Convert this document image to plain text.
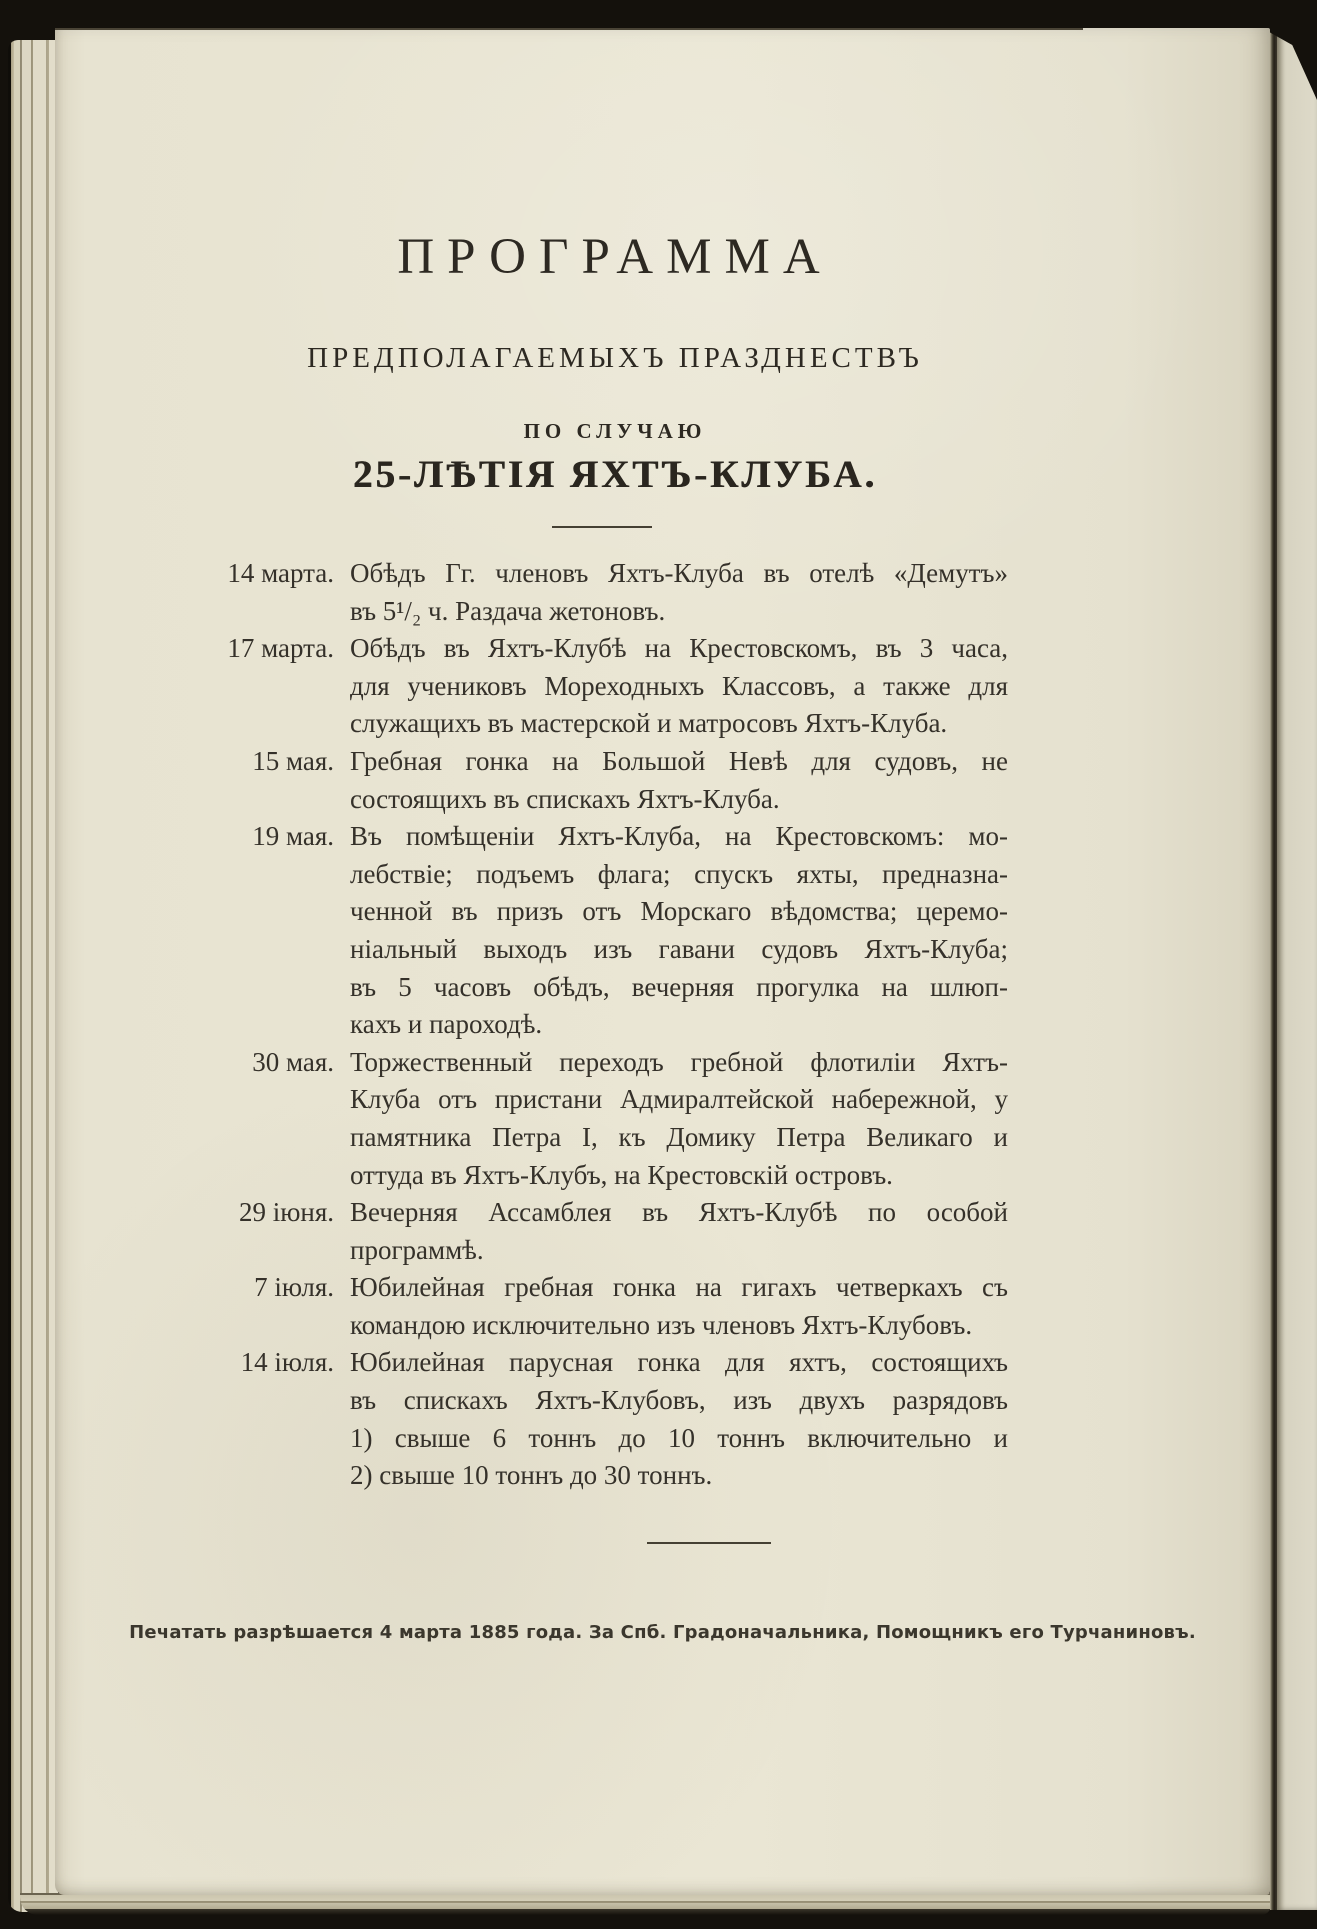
ПРОГРАММА
ПРЕДПОЛАГАЕМЫХЪ ПРАЗДНЕСТВЪ
ПО СЛУЧАЮ
25-ЛѢТІЯ ЯХТЪ-КЛУБА.
14 марта. Обѣдъ Гг. членовъ Яхтъ-Клуба въ отелѣ «Демутъ»
въ 5¹/₂ ч. Раздача жетоновъ.
17 марта. Обѣдъ въ Яхтъ-Клубѣ на Крестовскомъ, въ 3 часа,
для учениковъ Мореходныхъ Классовъ, а также для
служащихъ въ мастерской и матросовъ Яхтъ-Клуба.
15 мая. Гребная гонка на Большой Невѣ для судовъ, не
состоящихъ въ спискахъ Яхтъ-Клуба.
19 мая. Въ помѣщеніи Яхтъ-Клуба, на Крестовскомъ: мо-
лебствіе; подъемъ флага; спускъ яхты, предназна-
ченной въ призъ отъ Морскаго вѣдомства; церемо-
ніальный выходъ изъ гавани судовъ Яхтъ-Клуба;
въ 5 часовъ обѣдъ, вечерняя прогулка на шлюп-
кахъ и пароходѣ.
30 мая. Торжественный переходъ гребной флотиліи Яхтъ-
Клуба отъ пристани Адмиралтейской набережной, у
памятника Петра I, къ Домику Петра Великаго и
оттуда въ Яхтъ-Клубъ, на Крестовскій островъ.
29 іюня. Вечерняя Ассамблея въ Яхтъ-Клубѣ по особой
программѣ.
7 іюля. Юбилейная гребная гонка на гигахъ четверкахъ съ
командою исключительно изъ членовъ Яхтъ-Клубовъ.
14 іюля. Юбилейная парусная гонка для яхтъ, состоящихъ
въ спискахъ Яхтъ-Клубовъ, изъ двухъ разрядовъ
1) свыше 6 тоннъ до 10 тоннъ включительно и
2) свыше 10 тоннъ до 30 тоннъ.
Печатать разрѣшается 4 марта 1885 года. За Спб. Градоначальника, Помощникъ его Турчаниновъ.
